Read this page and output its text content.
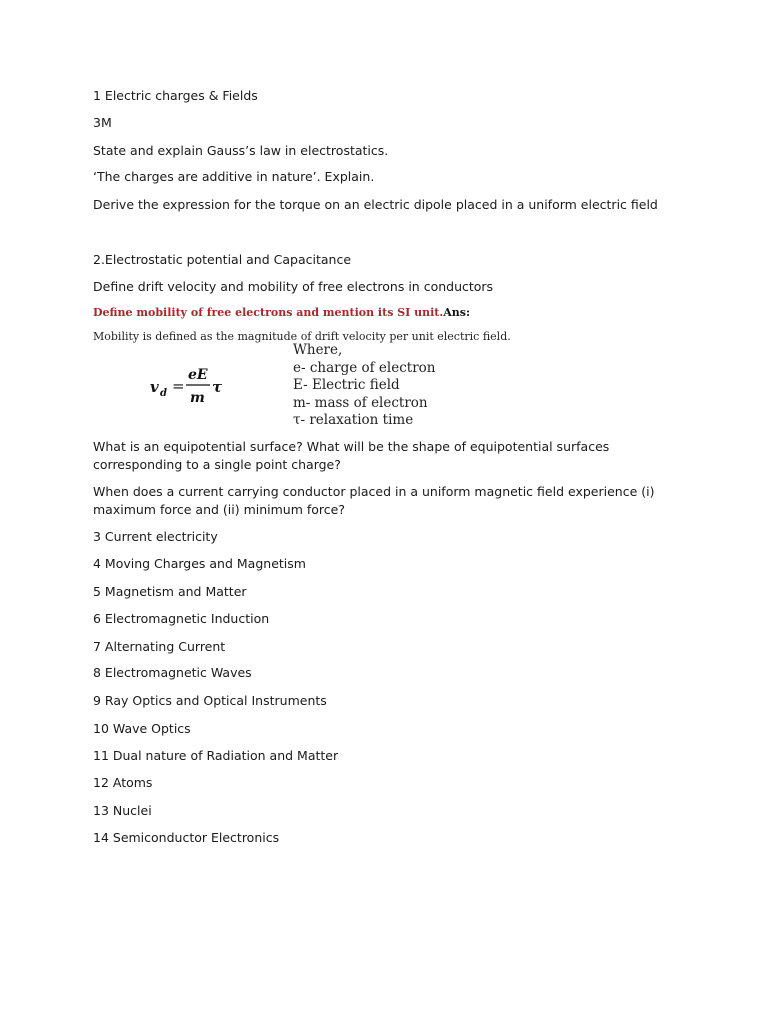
1 Electric charges & Fields
3M
State and explain Gauss’s law in electrostatics.
‘The charges are additive in nature’. Explain.
Derive the expression for the torque on an electric dipole placed in a uniform electric field
2.Electrostatic potential and Capacitance
Define drift velocity and mobility of free electrons in conductors
Define mobility of free electrons and mention its SI unit.Ans:
Mobility is defined as the magnitude of drift velocity per unit electric field.
v d =
eE
m
τ
Where,
e- charge of electron
E- Electric field
m- mass of electron
τ- relaxation time
What is an equipotential surface? What will be the shape of equipotential surfaces corresponding to a single point charge?
When does a current carrying conductor placed in a uniform magnetic field experience (i) maximum force and (ii) minimum force?
3 Current electricity
4 Moving Charges and Magnetism
5 Magnetism and Matter
6 Electromagnetic Induction
7 Alternating Current
8 Electromagnetic Waves
9 Ray Optics and Optical Instruments
10 Wave Optics
11 Dual nature of Radiation and Matter
12 Atoms
13 Nuclei
14 Semiconductor Electronics
